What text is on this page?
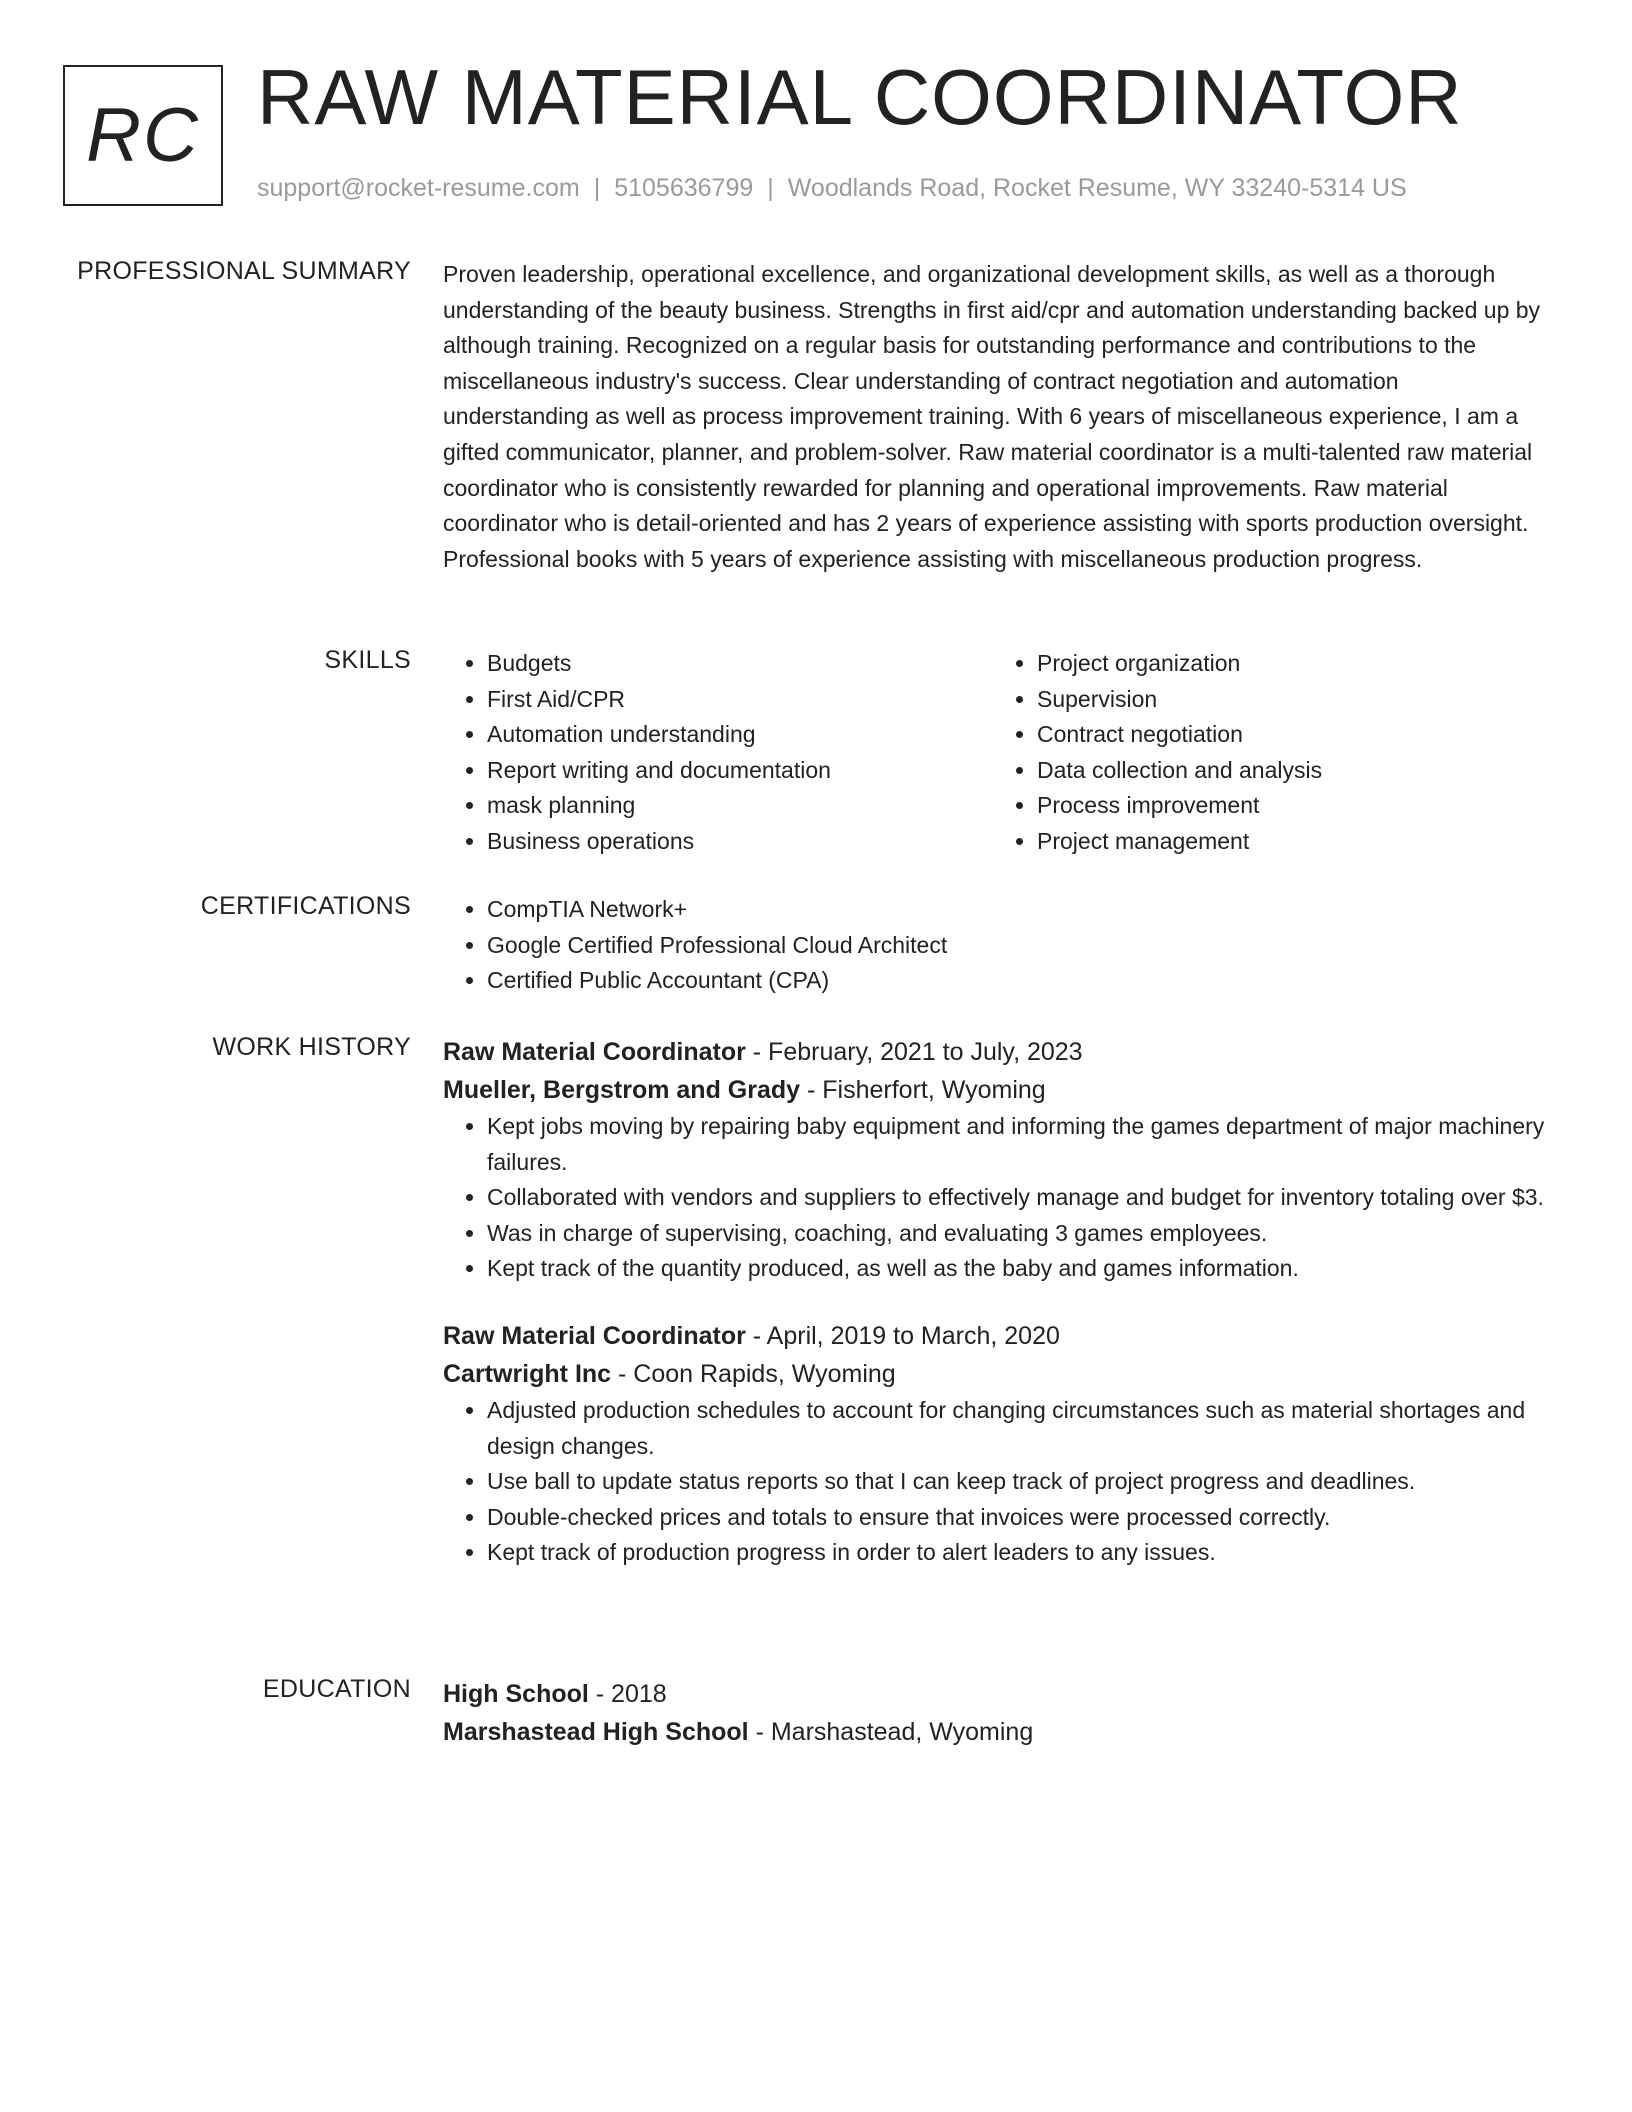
RC RAW MATERIAL COORDINATOR
support@rocket-resume.com | 5105636799 | Woodlands Road, Rocket Resume, WY 33240-5314 US
PROFESSIONAL SUMMARY Proven leadership, operational excellence, and organizational development skills, as well as a thorough understanding of the beauty business. Strengths in first aid/cpr and automation understanding backed up by although training. Recognized on a regular basis for outstanding performance and contributions to the miscellaneous industry's success. Clear understanding of contract negotiation and automation understanding as well as process improvement training. With 6 years of miscellaneous experience, I am a gifted communicator, planner, and problem-solver. Raw material coordinator is a multi-talented raw material coordinator who is consistently rewarded for planning and operational improvements. Raw material coordinator who is detail-oriented and has 2 years of experience assisting with sports production oversight. Professional books with 5 years of experience assisting with miscellaneous production progress.

SKILLS	• Budgets
• First Aid/CPR
• Automation understanding
• Report writing and documentation
• mask planning
• Business operations
• Project organization
• Supervision
• Contract negotiation
• Data collection and analysis
• Process improvement
• Project management
CERTIFICATIONS	• CompTIA Network+
• Google Certified Professional Cloud Architect
• Certified Public Accountant (CPA)
WORK HISTORY Raw Material Coordinator - February, 2021 to July, 2023
Mueller, Bergstrom and Grady - Fisherfort, Wyoming
• Kept jobs moving by repairing baby equipment and informing the games department of major machinery failures.
• Collaborated with vendors and suppliers to effectively manage and budget for inventory totaling over $3.
• Was in charge of supervising, coaching, and evaluating 3 games employees.
• Kept track of the quantity produced, as well as the baby and games information.
Raw Material Coordinator - April, 2019 to March, 2020
Cartwright Inc - Coon Rapids, Wyoming
• Adjusted production schedules to account for changing circumstances such as material shortages and design changes.
• Use ball to update status reports so that I can keep track of project progress and deadlines.
• Double-checked prices and totals to ensure that invoices were processed correctly.
• Kept track of production progress in order to alert leaders to any issues.
EDUCATION High School - 2018
Marshastead High School - Marshastead, Wyoming
